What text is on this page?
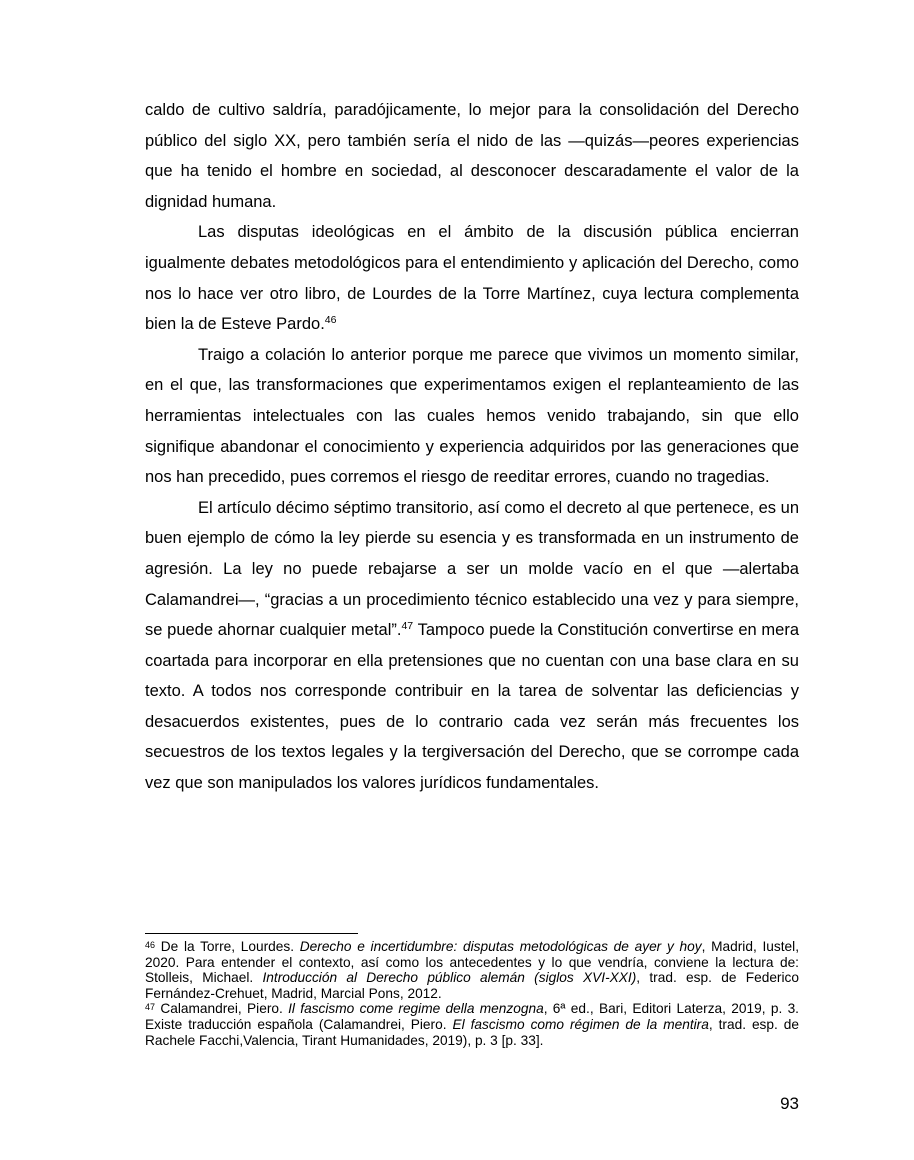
caldo de cultivo saldría, paradójicamente, lo mejor para la consolidación del Derecho público del siglo XX, pero también sería el nido de las —quizás—peores experiencias que ha tenido el hombre en sociedad, al desconocer descaradamente el valor de la dignidad humana.

Las disputas ideológicas en el ámbito de la discusión pública encierran igualmente debates metodológicos para el entendimiento y aplicación del Derecho, como nos lo hace ver otro libro, de Lourdes de la Torre Martínez, cuya lectura complementa bien la de Esteve Pardo.$^{46}$

Traigo a colación lo anterior porque me parece que vivimos un momento similar, en el que, las transformaciones que experimentamos exigen el replanteamiento de las herramientas intelectuales con las cuales hemos venido trabajando, sin que ello signifique abandonar el conocimiento y experiencia adquiridos por las generaciones que nos han precedido, pues corremos el riesgo de reeditar errores, cuando no tragedias.

El artículo décimo séptimo transitorio, así como el decreto al que pertenece, es un buen ejemplo de cómo la ley pierde su esencia y es transformada en un instrumento de agresión. La ley no puede rebajarse a ser un molde vacío en el que —alertaba Calamandrei—, “gracias a un procedimiento técnico establecido una vez y para siempre, se puede ahornar cualquier metal”.$^{47}$ Tampoco puede la Constitución convertirse en mera coartada para incorporar en ella pretensiones que no cuentan con una base clara en su texto. A todos nos corresponde contribuir en la tarea de solventar las deficiencias y desacuerdos existentes, pues de lo contrario cada vez serán más frecuentes los secuestros de los textos legales y la tergiversación del Derecho, que se corrompe cada vez que son manipulados los valores jurídicos fundamentales.

$^{46}$ De la Torre, Lourdes. Derecho e incertidumbre: disputas metodológicas de ayer y hoy, Madrid, Iustel, 2020. Para entender el contexto, así como los antecedentes y lo que vendría, conviene la lectura de: Stolleis, Michael. Introducción al Derecho público alemán (siglos XVI-XXI), trad. esp. de Federico Fernández-Crehuet, Madrid, Marcial Pons, 2012.

$^{47}$ Calamandrei, Piero. Il fascismo come regime della menzogna, 6ª ed., Bari, Editori Laterza, 2019, p. 3. Existe traducción española (Calamandrei, Piero. El fascismo como régimen de la mentira, trad. esp. de Rachele Facchi,Valencia, Tirant Humanidades, 2019), p. 3 [p. 33].

93
